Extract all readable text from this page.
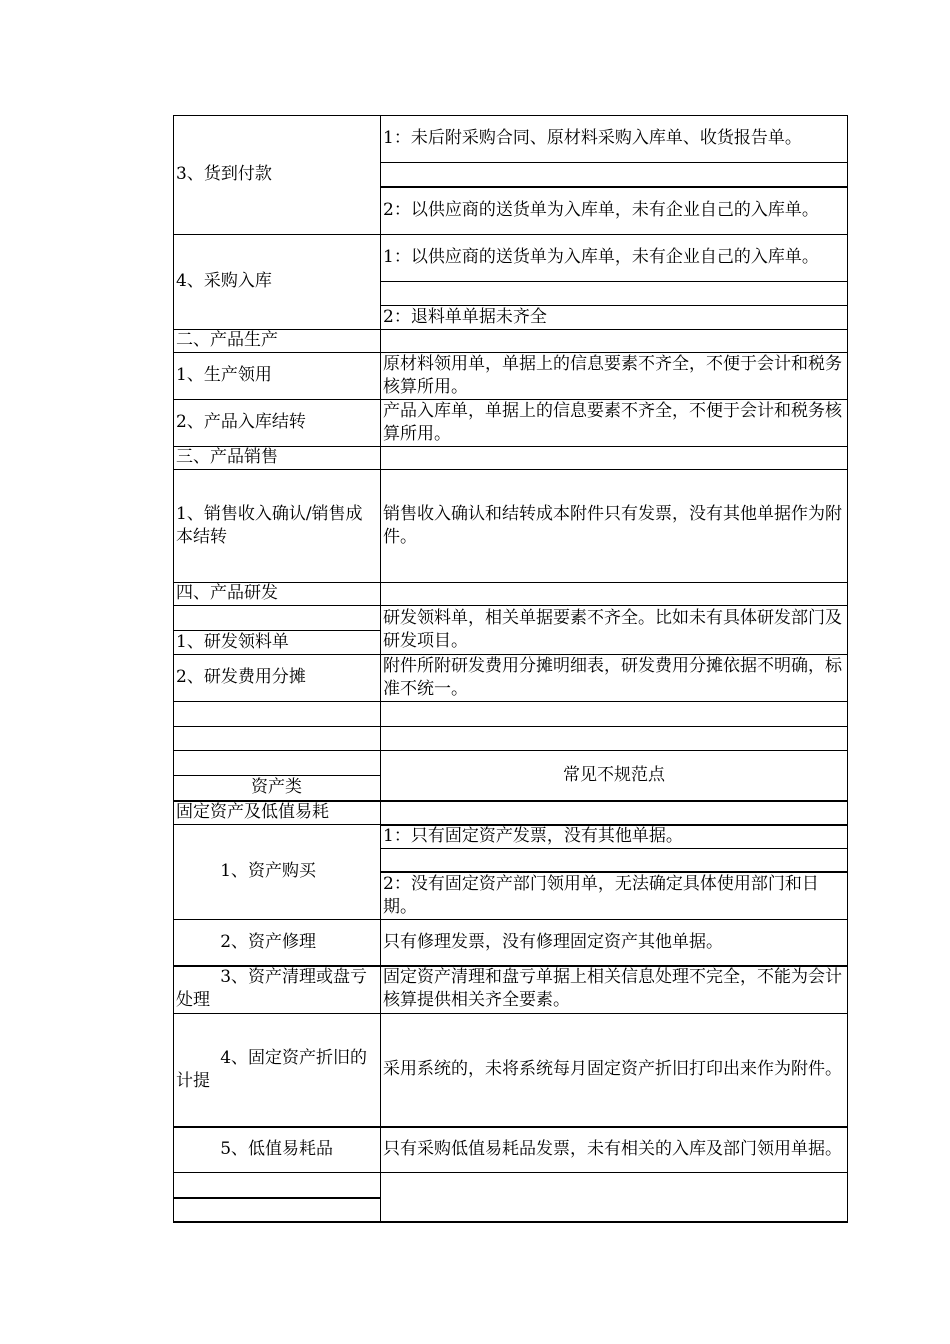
3、货到付款
4、采购入库
二、产品生产
1、生产领用
2、产品入库结转
三、产品销售
1、销售收入确认/销售成本结转
四、产品研发
1、研发领料单
2、研发费用分摊
资产类
固定资产及低值易耗
1、资产购买
2、资产修理
3、资产清理或盘亏处理
4、固定资产折旧的计提
5、低值易耗品
1：未后附采购合同、原材料采购入库单、收货报告单。
2：以供应商的送货单为入库单，未有企业自己的入库单。
1：以供应商的送货单为入库单，未有企业自己的入库单。
2：退料单单据未齐全
原材料领用单，单据上的信息要素不齐全，不便于会计和税务核算所用。
产品入库单，单据上的信息要素不齐全，不便于会计和税务核算所用。
销售收入确认和结转成本附件只有发票，没有其他单据作为附件。
研发领料单，相关单据要素不齐全。比如未有具体研发部门及研发项目。
附件所附研发费用分摊明细表，研发费用分摊依据不明确，标准不统一。
常见不规范点
1：只有固定资产发票，没有其他单据。
2：没有固定资产部门领用单，无法确定具体使用部门和日期。
只有修理发票，没有修理固定资产其他单据。
固定资产清理和盘亏单据上相关信息处理不完全，不能为会计核算提供相关齐全要素。
采用系统的，未将系统每月固定资产折旧打印出来作为附件。
只有采购低值易耗品发票，未有相关的入库及部门领用单据。
